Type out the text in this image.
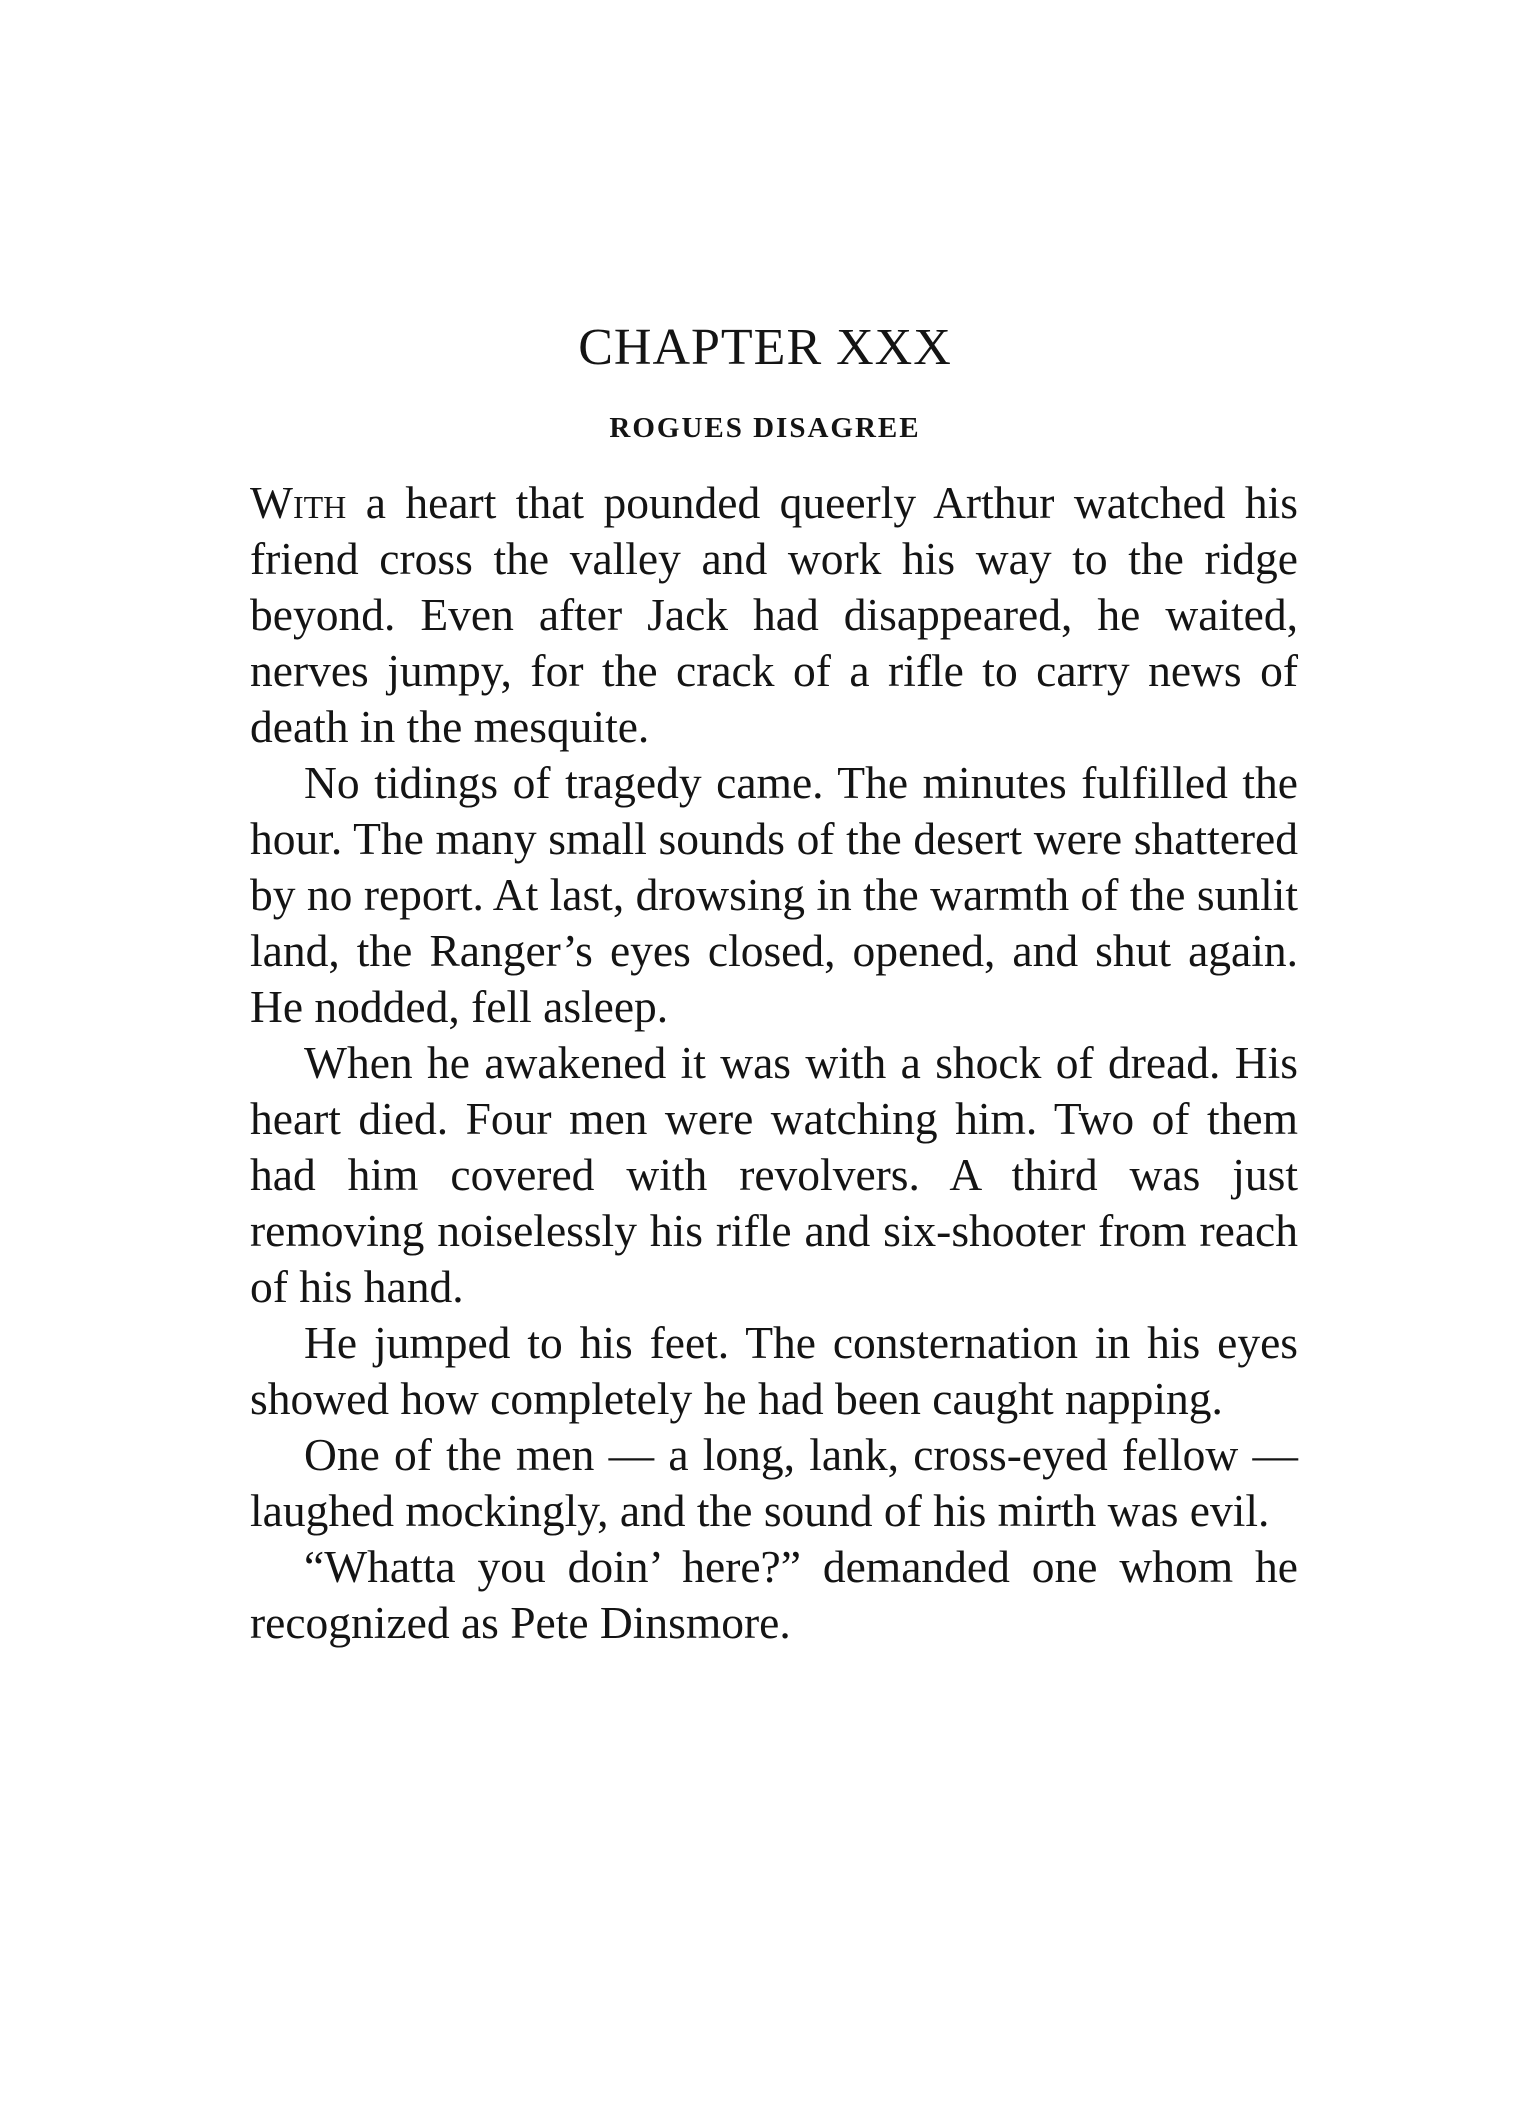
CHAPTER XXX
ROGUES DISAGREE

With a heart that pounded queerly Arthur watched his friend cross the valley and work his way to the ridge beyond. Even after Jack had disappeared, he waited, nerves jumpy, for the crack of a rifle to carry news of death in the mesquite.

No tidings of tragedy came. The minutes fulfilled the hour. The many small sounds of the desert were shattered by no report. At last, drowsing in the warmth of the sunlit land, the Ranger’s eyes closed, opened, and shut again. He nodded, fell asleep.

When he awakened it was with a shock of dread. His heart died. Four men were watching him. Two of them had him covered with revolvers. A third was just removing noiselessly his rifle and six-shooter from reach of his hand.

He jumped to his feet. The consternation in his eyes showed how completely he had been caught napping.

One of the men — a long, lank, cross-eyed fellow — laughed mockingly, and the sound of his mirth was evil.

“Whatta you doin’ here?” demanded one whom he recognized as Pete Dinsmore.
